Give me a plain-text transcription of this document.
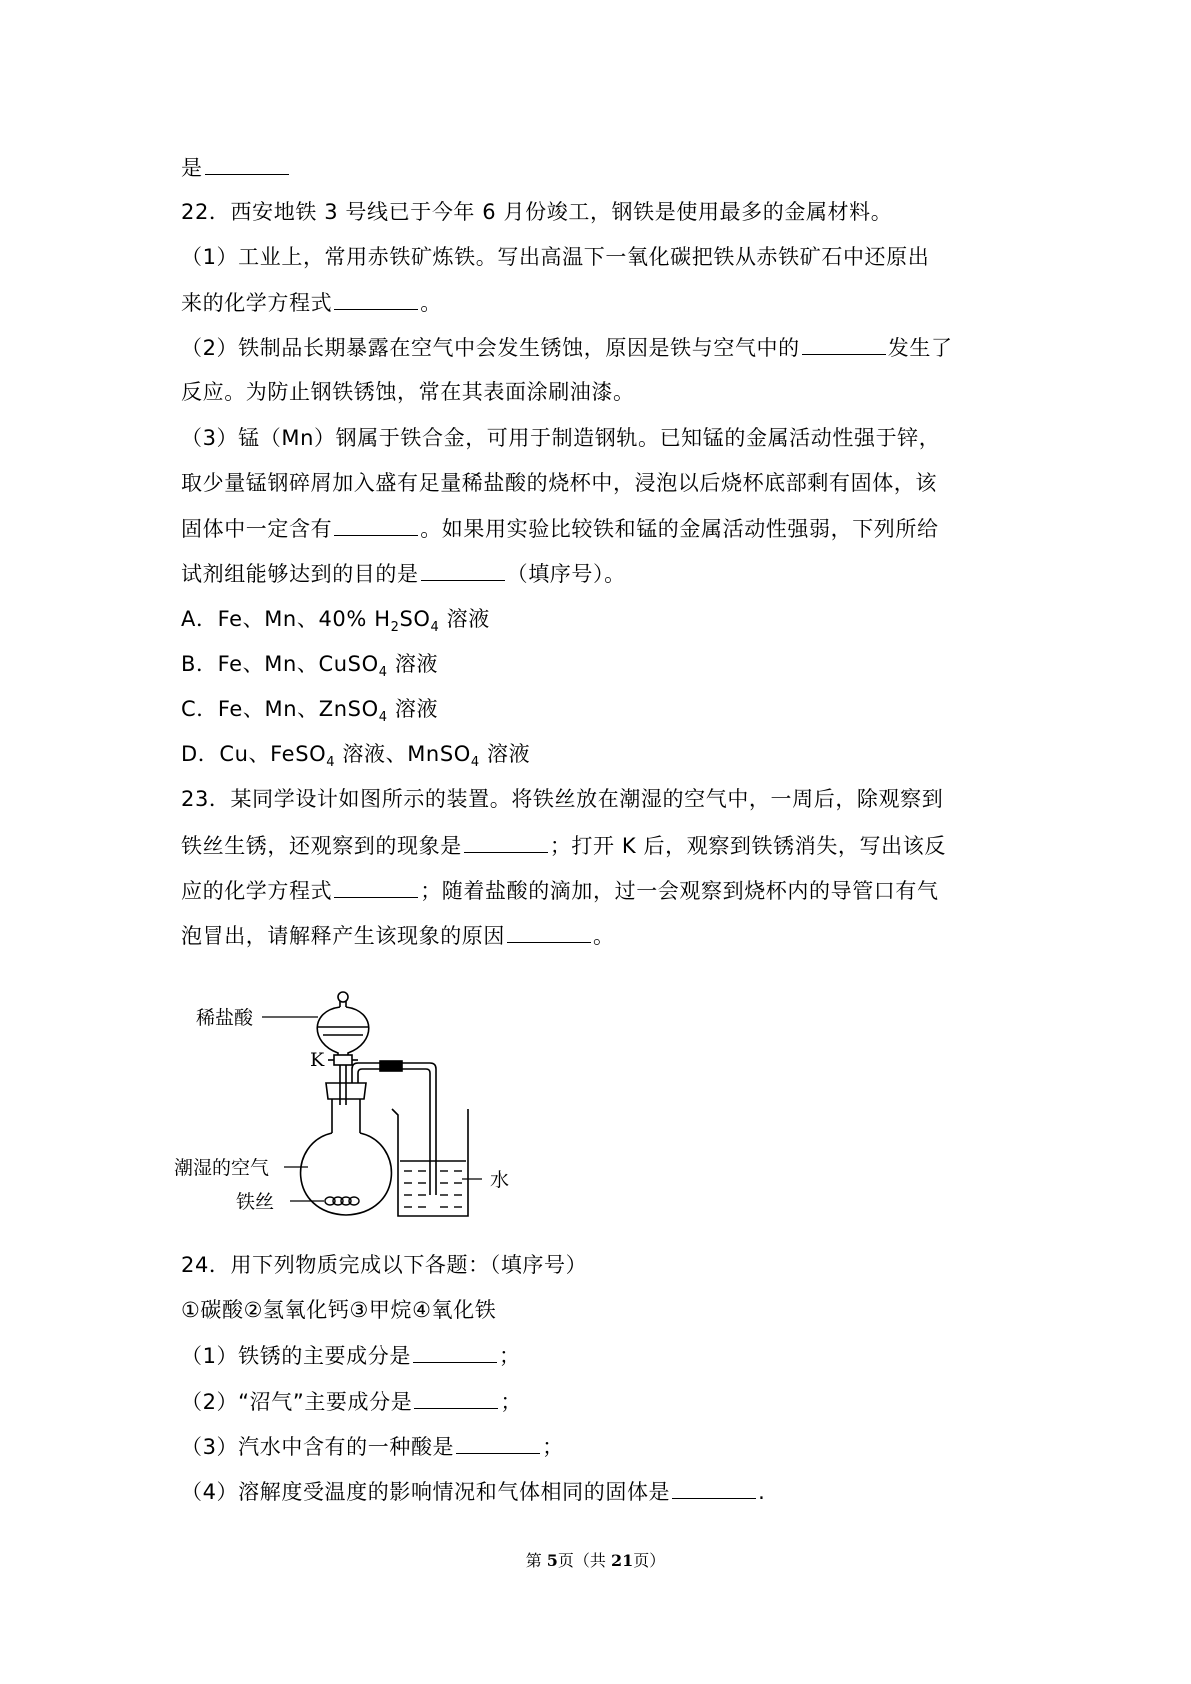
是
22．西安地铁 3 号线已于今年 6 月份竣工，钢铁是使用最多的金属材料。
（1）工业上，常用赤铁矿炼铁。写出高温下一氧化碳把铁从赤铁矿石中还原出
来的化学方程式	。
（2）铁制品长期暴露在空气中会发生锈蚀，原因是铁与空气中的	发生了
反应。为防止钢铁锈蚀，常在其表面涂刷油漆。
（3）锰（Mn）钢属于铁合金，可用于制造钢轨。已知锰的金属活动性强于锌，
取少量锰钢碎屑加入盛有足量稀盐酸的烧杯中，浸泡以后烧杯底部剩有固体，该
固体中一定含有	。如果用实验比较铁和锰的金属活动性强弱，下列所给
试剂组能够达到的目的是	（填序号）。
A．Fe、Mn、40% $H_2SO_4$ 溶液
B．Fe、Mn、CuSO$_4$ 溶液
C．Fe、Mn、ZnSO$_4$ 溶液
D．Cu、FeSO$_4$ 溶液、MnSO$_4$ 溶液
23．某同学设计如图所示的装置。将铁丝放在潮湿的空气中，一周后，除观察到
铁丝生锈，还观察到的现象是	；打开 K 后，观察到铁锈消失，写出该反
应的化学方程式	；随着盐酸的滴加，过一会观察到烧杯内的导管口有气
泡冒出，请解释产生该现象的原因	。
稀盐酸
K
潮湿的空气
铁丝
水
24．用下列物质完成以下各题：（填序号）
①碳酸②氢氧化钙③甲烷④氧化铁
（1）铁锈的主要成分是	；
（2）“沼气”主要成分是	；
（3）汽水中含有的一种酸是	；
（4）溶解度受温度的影响情况和气体相同的固体是	.
第 5页（共 21页）
